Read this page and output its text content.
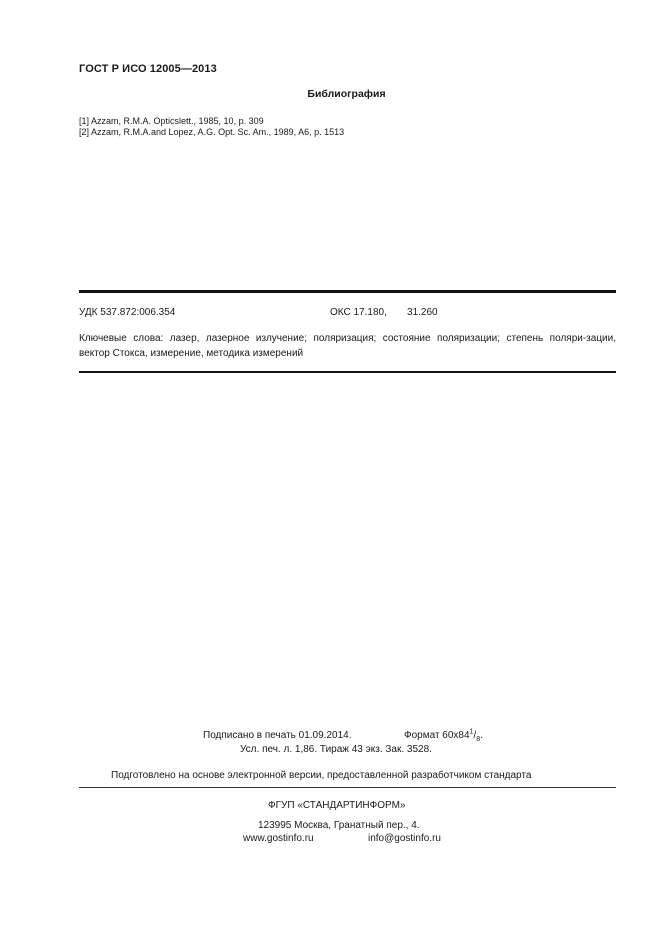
ГОСТ Р ИСО 12005—2013
Библиография
[1] Azzam, R.M.A. Opticslett., 1985, 10, p. 309
[2] Azzam, R.M.A.and Lopez, A.G. Opt. Sc. Am., 1989, A6, p. 1513
УДК 537.872:006.354	ОКС 17.180, 31.260
Ключевые слова: лазер, лазерное излучение; поляризация; состояние поляризации; степень поляри-зации, вектор Стокса, измерение, методика измерений
Подписано в печать 01.09.2014.	Формат $60х84^1/_8$.
Усл. печ. л. 1,86. Тираж 43 экз. Зак. 3528.
Подготовлено на основе электронной версии, предоставленной разработчиком стандарта
ФГУП «СТАНДАРТИНФОРМ»
123995 Москва, Гранатный пер., 4.
www.gostinfo.ru	info@gostinfo.ru
